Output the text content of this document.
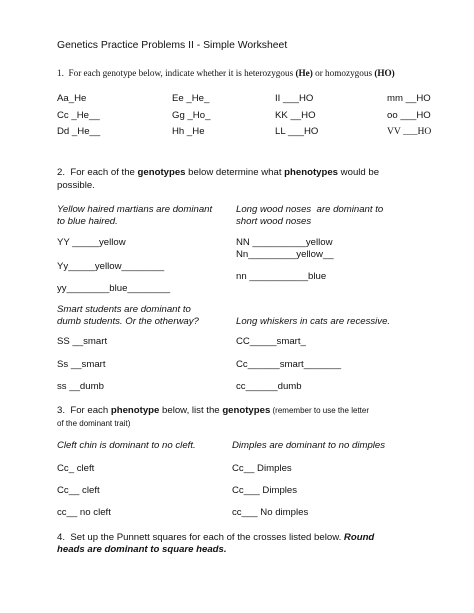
Genetics Practice Problems II - Simple Worksheet
1.  For each genotype below, indicate whether it is heterozygous (He) or homozygous (HO)
Aa_He	Ee _He_	II ___HO	mm __HO
Cc _He__	Gg _Ho_	KK __HO	oo ___HO
Dd _He__	Hh _He	LL ___HO	VV ___HO
2.  For each of the genotypes below determine what phenotypes would be
possible.
Yellow haired martians are dominant
to blue haired.
Long wood noses  are dominant to
short wood noses
YY _____yellow
Yy_____yellow________
yy________blue________
NN __________yellow
Nn_________yellow__
nn ___________blue
Smart students are dominant to
dumb students. Or the otherway?	Long whiskers in cats are recessive.
SS __smart
Ss __smart
ss __dumb
CC_____smart_
Cc______smart_______
cc______dumb
3.  For each phenotype below, list the genotypes (remember to use the letter
of the dominant trait)
Cleft chin is dominant to no cleft.	Dimples are dominant to no dimples
Cc_ cleft
Cc__ cleft
cc__ no cleft
Cc__ Dimples
Cc___ Dimples
cc___ No dimples
4.  Set up the Punnett squares for each of the crosses listed below. Round
heads are dominant to square heads.
